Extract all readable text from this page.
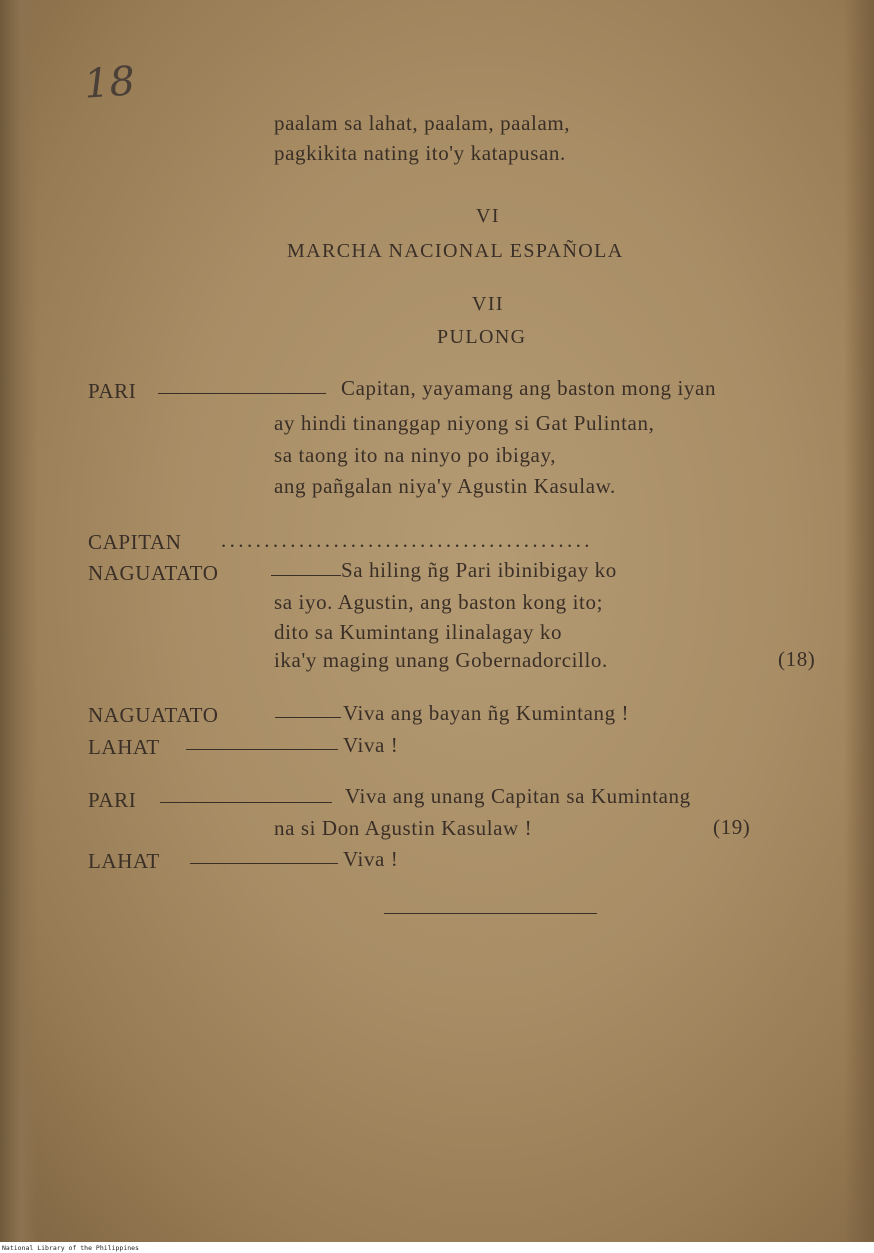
18
paalam sa lahat, paalam, paalam,
pagkikita nating ito'y katapusan.
VI
MARCHA NACIONAL ESPAÑOLA
VII
PULONG
PARI	Capitan, yayamang ang baston mong iyan
ay hindi tinanggap niyong si Gat Pulintan,
sa taong ito na ninyo po ibigay,
ang pañgalan niya'y Agustin Kasulaw.
CAPITAN ...........................................
NAGUATATO	Sa hiling ñg Pari ibinibigay ko
sa iyo. Agustin, ang baston kong ito;
dito sa Kumintang ilinalagay ko
ika'y maging unang Gobernadorcillo.	(18)
NAGUATATO	Viva ang bayan ñg Kumintang !
LAHAT	Viva !
PARI	Viva ang unang Capitan sa Kumintang
na si Don Agustin Kasulaw !	(19)
LAHAT	Viva !
National Library of the Philippines
